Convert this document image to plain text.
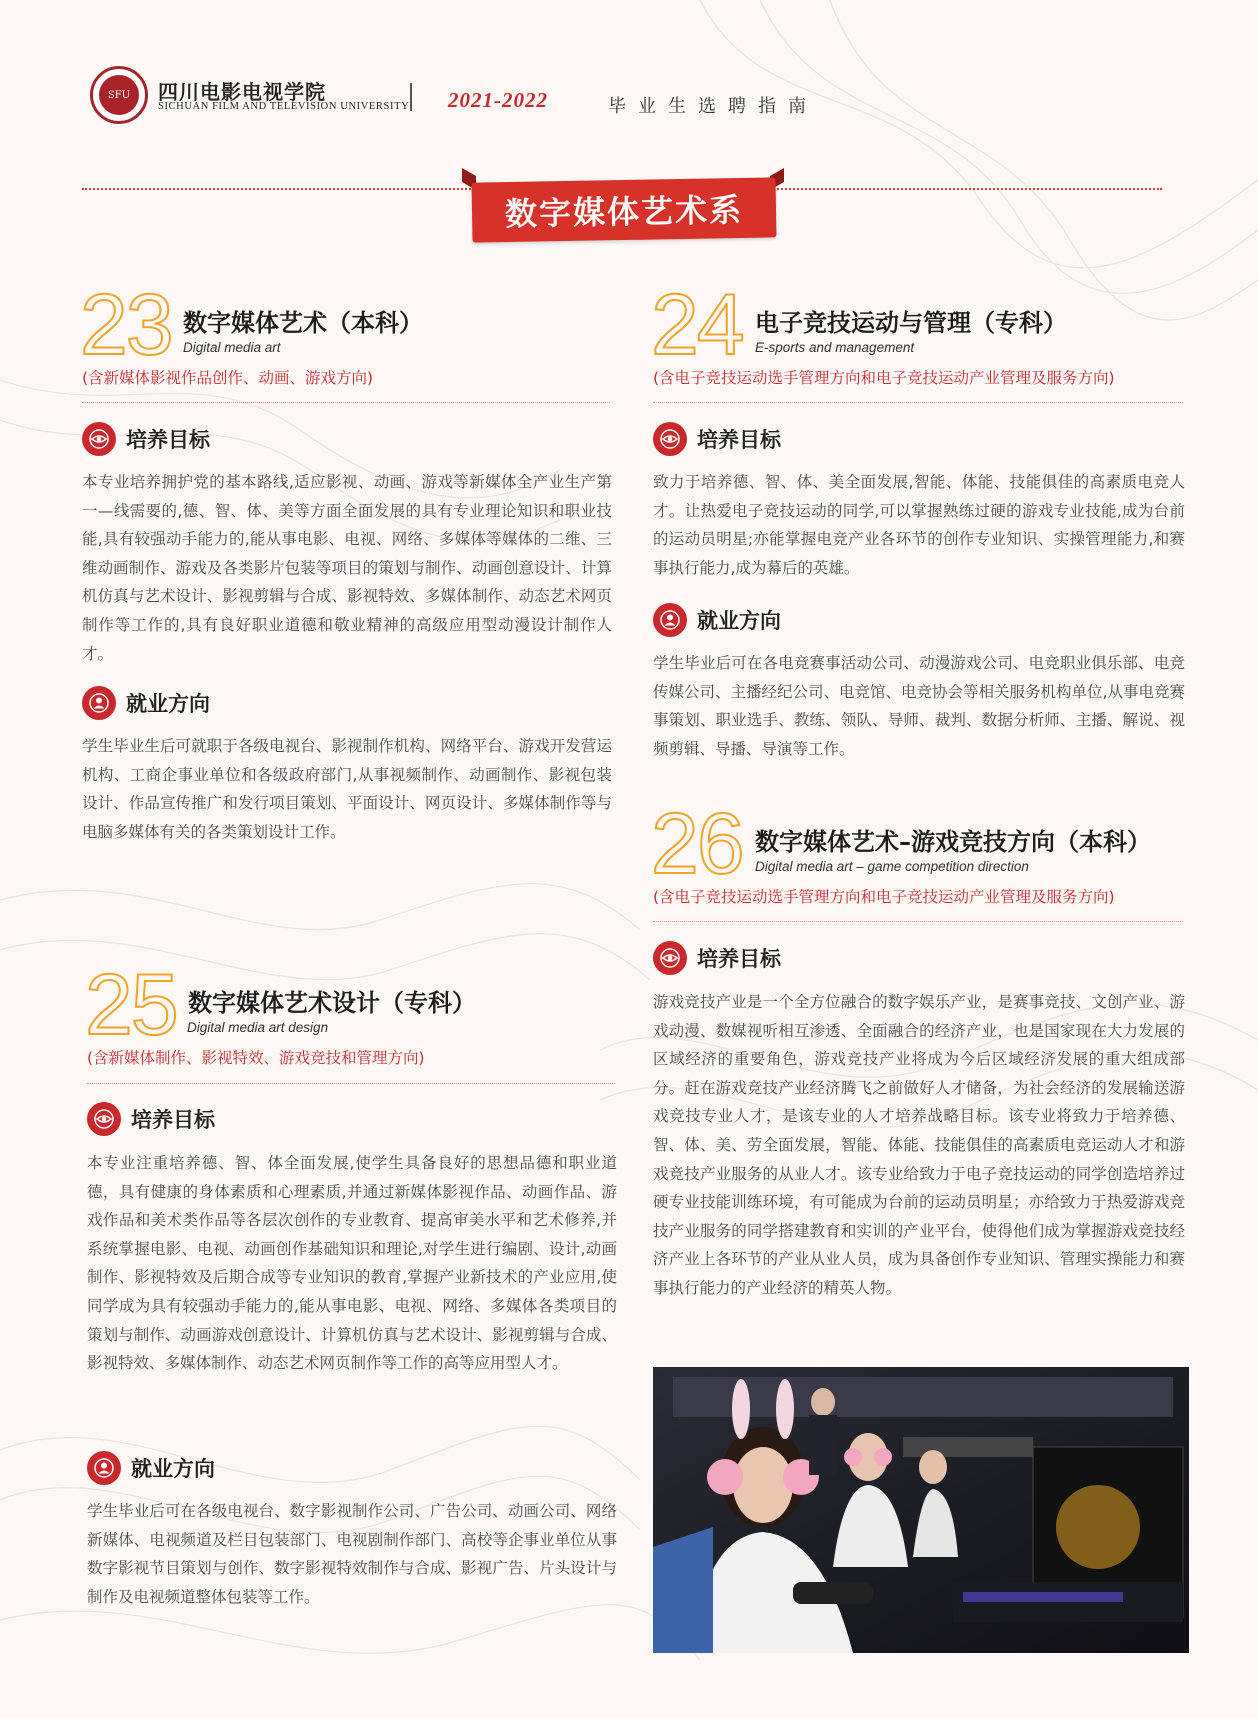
SFU 四川电影电视学院
SICHUAN FILM AND TELEVISION UNIVERSITY 2021-2022	毕业生选聘指南
数字媒体艺术系
23 数字媒体艺术（本科）
Digital media art
(含新媒体影视作品创作、动画、游戏方向)
培养目标
本专业培养拥护党的基本路线,适应影视、动画、游戏等新媒体全产业生产第一—线需要的,德、智、体、美等方面全面发展的具有专业理论知识和职业技能,具有较强动手能力的,能从事电影、电视、网络、多媒体等媒体的二维、三维动画制作、游戏及各类影片包装等项目的策划与制作、动画创意设计、计算机仿真与艺术设计、影视剪辑与合成、影视特效、多媒体制作、动态艺术网页制作等工作的,具有良好职业道德和敬业精神的高级应用型动漫设计制作人才。
就业方向
学生毕业生后可就职于各级电视台、影视制作机构、网络平台、游戏开发营运机构、工商企事业单位和各级政府部门,从事视频制作、动画制作、影视包装设计、作品宣传推广和发行项目策划、平面设计、网页设计、多媒体制作等与电脑多媒体有关的各类策划设计工作。
24 电子竞技运动与管理（专科）
E-sports and management
(含电子竞技运动选手管理方向和电子竞技运动产业管理及服务方向)
培养目标
致力于培养德、智、体、美全面发展,智能、体能、技能俱佳的高素质电竞人才。让热爱电子竞技运动的同学,可以掌握熟练过硬的游戏专业技能,成为台前的运动员明星;亦能掌握电竞产业各环节的创作专业知识、实操管理能力,和赛事执行能力,成为幕后的英雄。
就业方向
学生毕业后可在各电竞赛事活动公司、动漫游戏公司、电竞职业俱乐部、电竞传媒公司、主播经纪公司、电竞馆、电竞协会等相关服务机构单位,从事电竞赛事策划、职业选手、教练、领队、导师、裁判、数据分析师、主播、解说、视频剪辑、导播、导演等工作。
26 数字媒体艺术–游戏竞技方向（本科）
Digital media art – game competition direction
(含电子竞技运动选手管理方向和电子竞技运动产业管理及服务方向)
培养目标
游戏竞技产业是一个全方位融合的数字娱乐产业，是赛事竞技、文创产业、游戏动漫、数媒视听相互渗透、全面融合的经济产业，也是国家现在大力发展的区域经济的重要角色，游戏竞技产业将成为今后区域经济发展的重大组成部分。赶在游戏竞技产业经济腾飞之前做好人才储备，为社会经济的发展输送游戏竞技专业人才，是该专业的人才培养战略目标。该专业将致力于培养德、智、体、美、劳全面发展，智能、体能、技能俱佳的高素质电竞运动人才和游戏竞技产业服务的从业人才。该专业给致力于电子竞技运动的同学创造培养过硬专业技能训练环境，有可能成为台前的运动员明星；亦给致力于热爱游戏竞技产业服务的同学搭建教育和实训的产业平台，使得他们成为掌握游戏竞技经济产业上各环节的产业从业人员，成为具备创作专业知识、管理实操能力和赛事执行能力的产业经济的精英人物。
25 数字媒体艺术设计（专科）
Digital media art design
(含新媒体制作、影视特效、游戏竞技和管理方向)
培养目标
本专业注重培养德、智、体全面发展,使学生具备良好的思想品德和职业道德，具有健康的身体素质和心理素质,并通过新媒体影视作品、动画作品、游戏作品和美术类作品等各层次创作的专业教育、提高审美水平和艺术修养,并系统掌握电影、电视、动画创作基础知识和理论,对学生进行编剧、设计,动画制作、影视特效及后期合成等专业知识的教育,掌握产业新技术的产业应用,使同学成为具有较强动手能力的,能从事电影、电视、网络、多媒体各类项目的策划与制作、动画游戏创意设计、计算机仿真与艺术设计、影视剪辑与合成、影视特效、多媒体制作、动态艺术网页制作等工作的高等应用型人才。
就业方向
学生毕业后可在各级电视台、数字影视制作公司、广告公司、动画公司、网络新媒体、电视频道及栏目包装部门、电视剧制作部门、高校等企事业单位从事数字影视节目策划与创作、数字影视特效制作与合成、影视广告、片头设计与制作及电视频道整体包装等工作。
